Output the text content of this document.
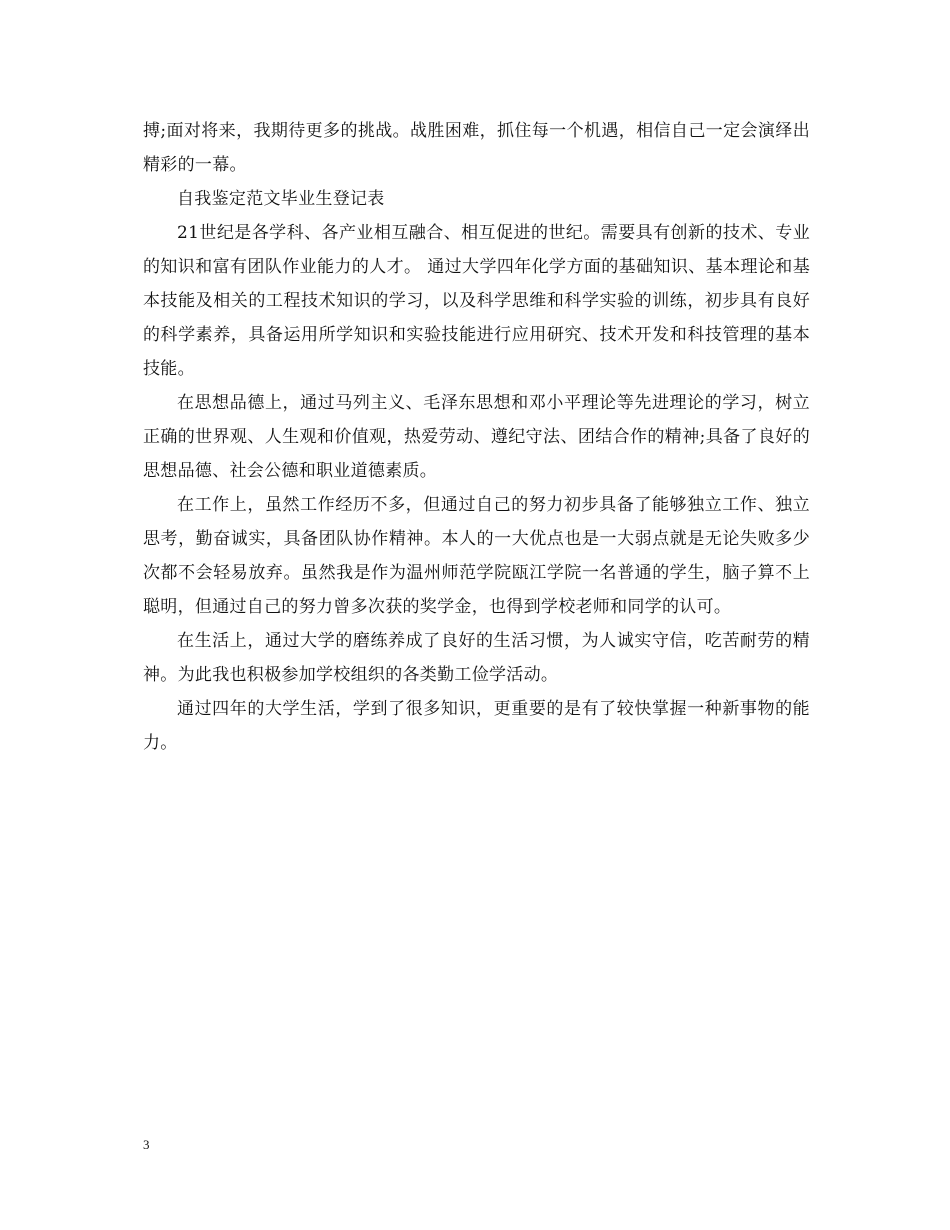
搏;面对将来，我期待更多的挑战。战胜困难，抓住每一个机遇，相信自己一定会演绎出精彩的一幕。

自我鉴定范文毕业生登记表

21世纪是各学科、各产业相互融合、相互促进的世纪。需要具有创新的技术、专业的知识和富有团队作业能力的人才。 通过大学四年化学方面的基础知识、基本理论和基本技能及相关的工程技术知识的学习，以及科学思维和科学实验的训练，初步具有良好的科学素养，具备运用所学知识和实验技能进行应用研究、技术开发和科技管理的基本技能。

在思想品德上，通过马列主义、毛泽东思想和邓小平理论等先进理论的学习，树立正确的世界观、人生观和价值观，热爱劳动、遵纪守法、团结合作的精神;具备了良好的思想品德、社会公德和职业道德素质。

在工作上，虽然工作经历不多，但通过自己的努力初步具备了能够独立工作、独立思考，勤奋诚实，具备团队协作精神。本人的一大优点也是一大弱点就是无论失败多少次都不会轻易放弃。虽然我是作为温州师范学院瓯江学院一名普通的学生，脑子算不上聪明，但通过自己的努力曾多次获的奖学金，也得到学校老师和同学的认可。

在生活上，通过大学的磨练养成了良好的生活习惯，为人诚实守信，吃苦耐劳的精神。为此我也积极参加学校组织的各类勤工俭学活动。

通过四年的大学生活，学到了很多知识，更重要的是有了较快掌握一种新事物的能力。

3
